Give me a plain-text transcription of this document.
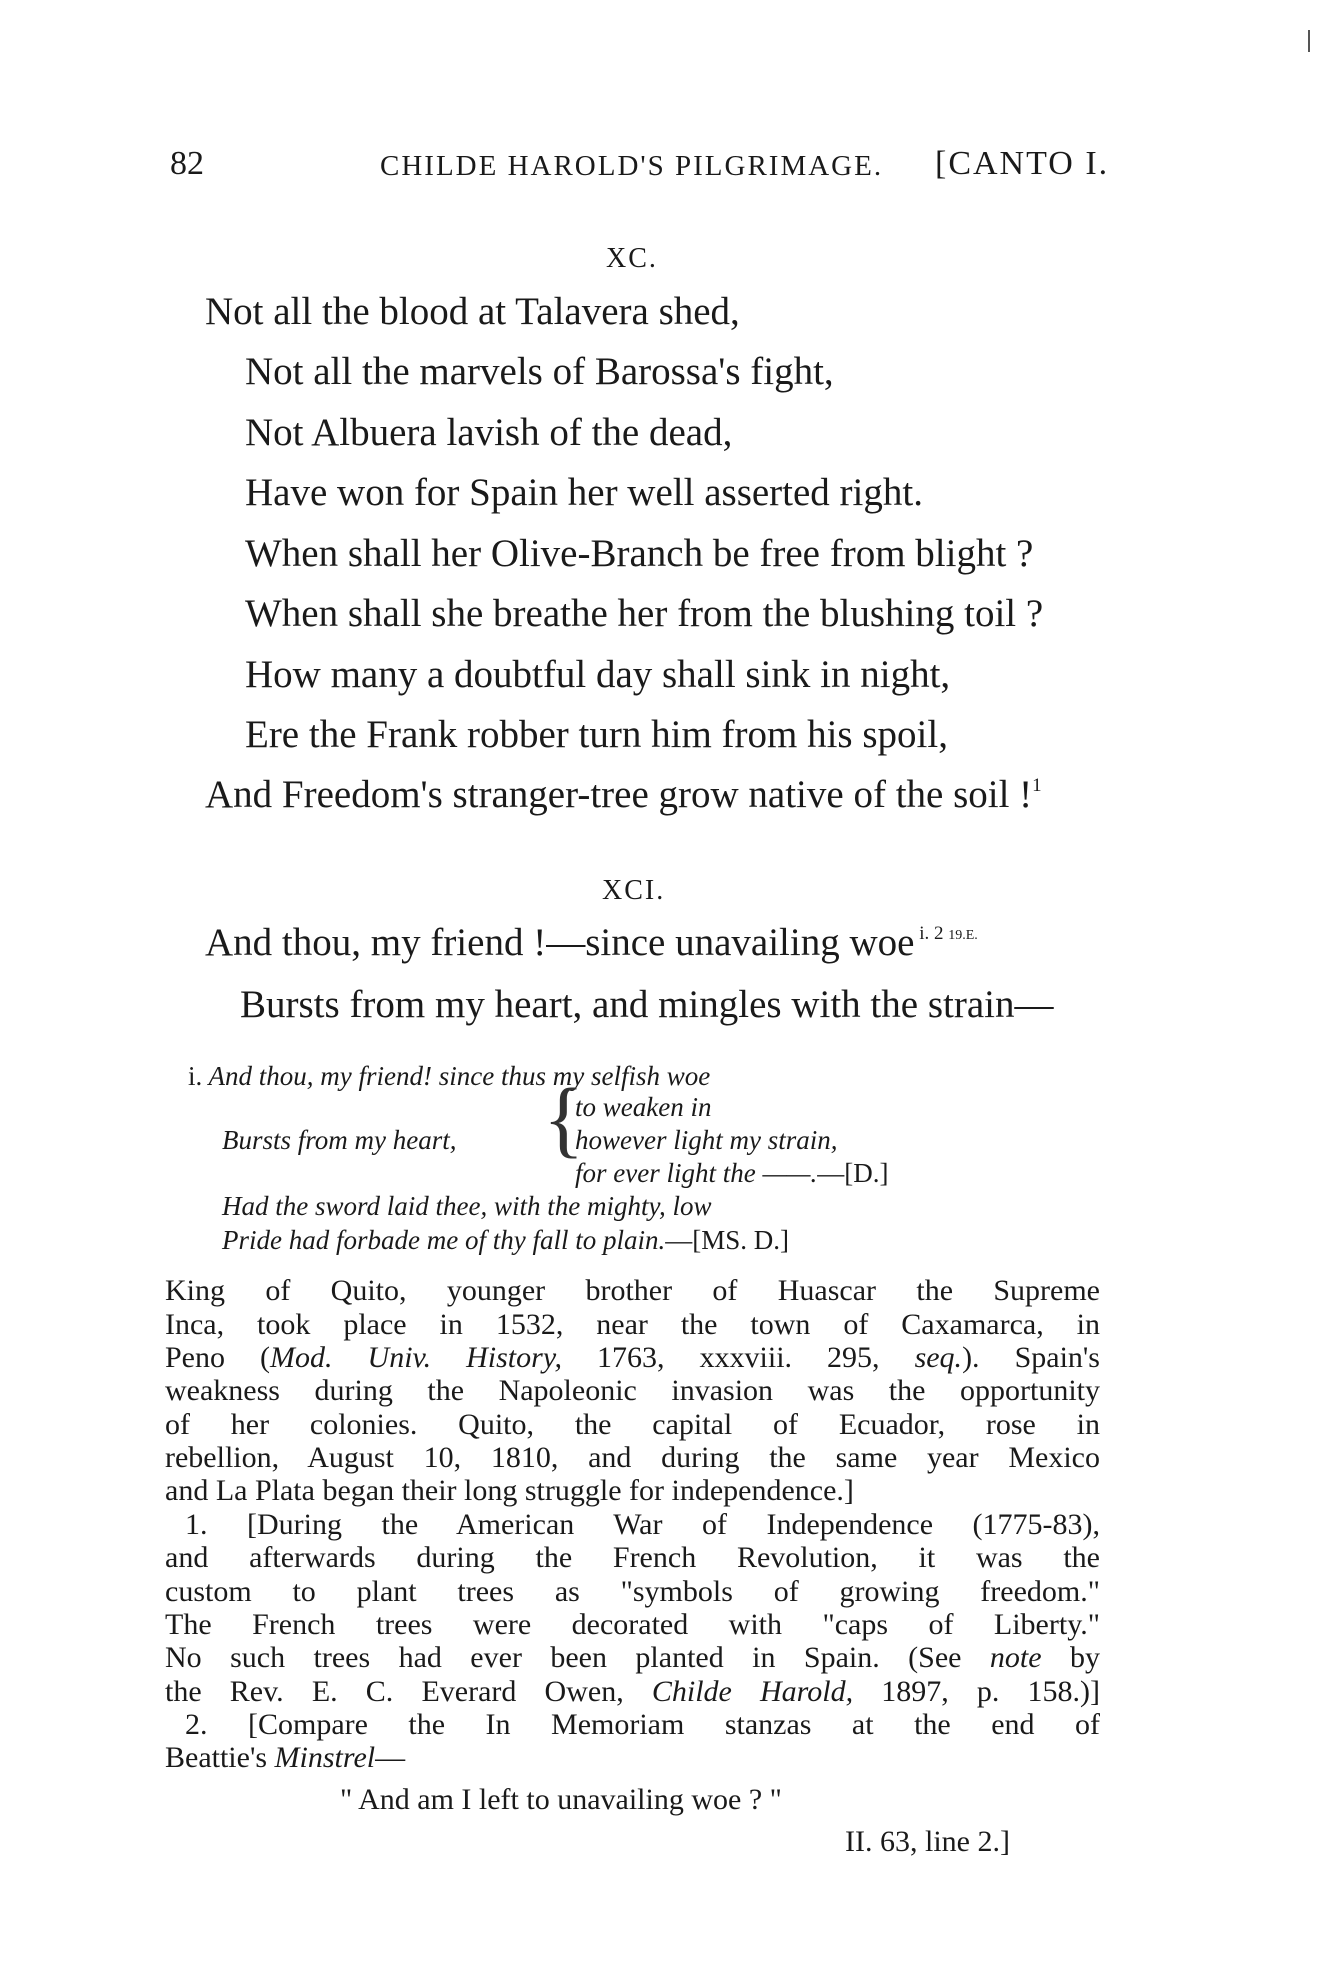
82	CHILDE HAROLD'S PILGRIMAGE. [CANTO I.
XC.
Not all the blood at Talavera shed,
Not all the marvels of Barossa's fight,
Not Albuera lavish of the dead,
Have won for Spain her well asserted right.
When shall her Olive-Branch be free from blight ?
When shall she breathe her from the blushing toil ?
How many a doubtful day shall sink in night,
Ere the Frank robber turn him from his spoil,
And Freedom's stranger-tree grow native of the soil !$^1$
XCI.
And thou, my friend !—since unavailing woe $^{i. 2 19.E.}$
Bursts from my heart, and mingles with the strain—
i. And thou, my friend! since thus my selfish woe
Bursts from my heart, {
to weaken in
however light my strain,
for ever light the ——.—[D.]
Had the sword laid thee, with the mighty, low
Pride had forbade me of thy fall to plain.—[MS. D.]
King of Quito, younger brother of Huascar the Supreme
Inca, took place in 1532, near the town of Caxamarca, in
Peno (Mod. Univ. History, 1763, xxxviii. 295, seq.). Spain's
weakness during the Napoleonic invasion was the opportunity
of her colonies. Quito, the capital of Ecuador, rose in
rebellion, August 10, 1810, and during the same year Mexico
and La Plata began their long struggle for independence.]
1. [During the American War of Independence (1775-83),
and afterwards during the French Revolution, it was the
custom to plant trees as "symbols of growing freedom."
The French trees were decorated with "caps of Liberty."
No such trees had ever been planted in Spain. (See note by
the Rev. E. C. Everard Owen, Childe Harold, 1897, p. 158.)]
2. [Compare the In Memoriam stanzas at the end of
Beattie's Minstrel—
" And am I left to unavailing woe ? "
II. 63, line 2.]
